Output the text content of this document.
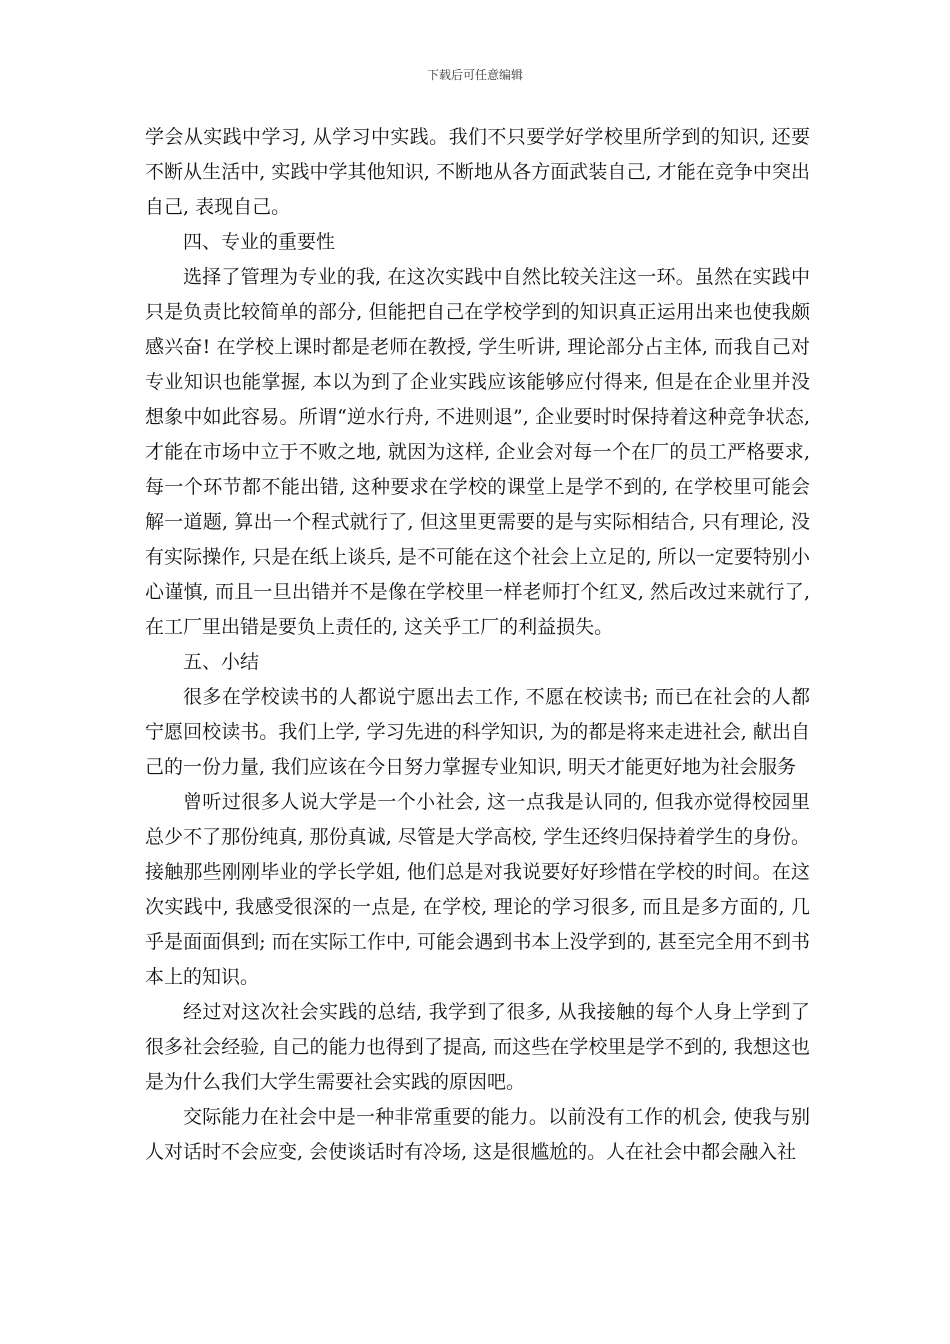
下载后可任意编辑

学会从实践中学习, 从学习中实践。我们不只要学好学校里所学到的知识, 还要不断从生活中, 实践中学其他知识, 不断地从各方面武装自己, 才能在竞争中突出自己, 表现自己。

四、专业的重要性

选择了管理为专业的我, 在这次实践中自然比较关注这一环。虽然在实践中只是负责比较简单的部分, 但能把自己在学校学到的知识真正运用出来也使我颇感兴奋! 在学校上课时都是老师在教授, 学生听讲, 理论部分占主体, 而我自己对专业知识也能掌握, 本以为到了企业实践应该能够应付得来, 但是在企业里并没想象中如此容易。所谓“逆水行舟, 不进则退”, 企业要时时保持着这种竞争状态, 才能在市场中立于不败之地, 就因为这样, 企业会对每一个在厂的员工严格要求, 每一个环节都不能出错, 这种要求在学校的课堂上是学不到的, 在学校里可能会解一道题, 算出一个程式就行了, 但这里更需要的是与实际相结合, 只有理论, 没有实际操作, 只是在纸上谈兵, 是不可能在这个社会上立足的, 所以一定要特别小心谨慎, 而且一旦出错并不是像在学校里一样老师打个红叉, 然后改过来就行了, 在工厂里出错是要负上责任的, 这关乎工厂的利益损失。

五、小结

很多在学校读书的人都说宁愿出去工作, 不愿在校读书; 而已在社会的人都宁愿回校读书。我们上学, 学习先进的科学知识, 为的都是将来走进社会, 献出自己的一份力量, 我们应该在今日努力掌握专业知识, 明天才能更好地为社会服务

曾听过很多人说大学是一个小社会, 这一点我是认同的, 但我亦觉得校园里总少不了那份纯真, 那份真诚, 尽管是大学高校, 学生还终归保持着学生的身份。接触那些刚刚毕业的学长学姐, 他们总是对我说要好好珍惜在学校的时间。在这次实践中, 我感受很深的一点是, 在学校, 理论的学习很多, 而且是多方面的, 几乎是面面俱到; 而在实际工作中, 可能会遇到书本上没学到的, 甚至完全用不到书本上的知识。

经过对这次社会实践的总结, 我学到了很多, 从我接触的每个人身上学到了很多社会经验, 自己的能力也得到了提高, 而这些在学校里是学不到的, 我想这也是为什么我们大学生需要社会实践的原因吧。

交际能力在社会中是一种非常重要的能力。以前没有工作的机会, 使我与别人对话时不会应变, 会使谈话时有冷场, 这是很尴尬的。人在社会中都会融入社
